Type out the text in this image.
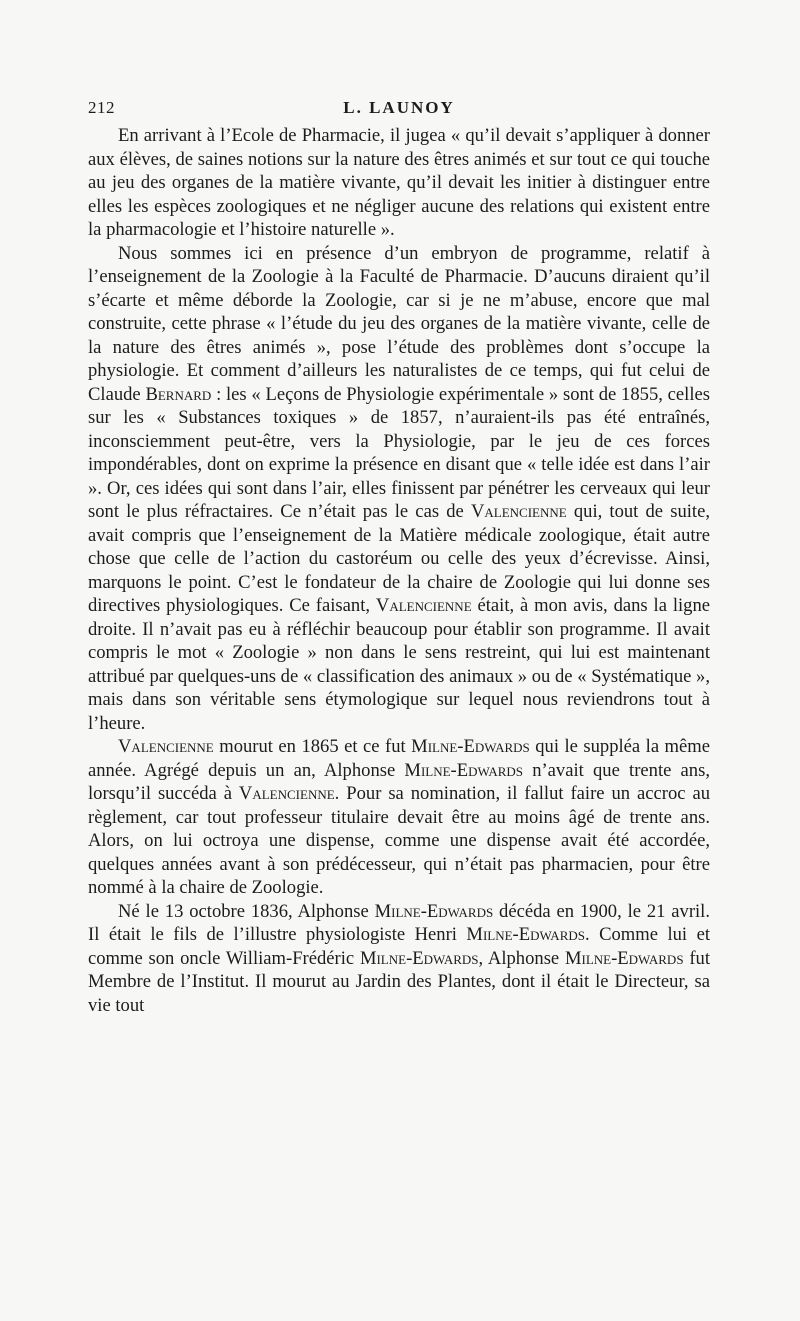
212	L. LAUNOY

En arrivant à l’Ecole de Pharmacie, il jugea « qu’il devait s’appliquer à donner aux élèves, de saines notions sur la nature des êtres animés et sur tout ce qui touche au jeu des organes de la matière vivante, qu’il devait les initier à distinguer entre elles les espèces zoologiques et ne négliger aucune des relations qui existent entre la pharmacologie et l’histoire naturelle ».

Nous sommes ici en présence d’un embryon de programme, relatif à l’enseignement de la Zoologie à la Faculté de Pharmacie. D’aucuns diraient qu’il s’écarte et même déborde la Zoologie, car si je ne m’abuse, encore que mal construite, cette phrase « l’étude du jeu des organes de la matière vivante, celle de la nature des êtres animés », pose l’étude des problèmes dont s’occupe la physiologie. Et comment d’ailleurs les naturalistes de ce temps, qui fut celui de Claude Bernard : les « Leçons de Physiologie expérimentale » sont de 1855, celles sur les « Substances toxiques » de 1857, n’auraient-ils pas été entraînés, inconsciemment peut-être, vers la Physiologie, par le jeu de ces forces impondérables, dont on exprime la présence en disant que « telle idée est dans l’air ». Or, ces idées qui sont dans l’air, elles finissent par pénétrer les cerveaux qui leur sont le plus réfractaires. Ce n’était pas le cas de Valencienne qui, tout de suite, avait compris que l’enseignement de la Matière médicale zoologique, était autre chose que celle de l’action du castoréum ou celle des yeux d’écrevisse. Ainsi, marquons le point. C’est le fondateur de la chaire de Zoologie qui lui donne ses directives physiologiques. Ce faisant, Valencienne était, à mon avis, dans la ligne droite. Il n’avait pas eu à réfléchir beaucoup pour établir son programme. Il avait compris le mot « Zoologie » non dans le sens restreint, qui lui est maintenant attribué par quelques-uns de « classification des animaux » ou de « Systématique », mais dans son véritable sens étymologique sur lequel nous reviendrons tout à l’heure.

Valencienne mourut en 1865 et ce fut Milne-Edwards qui le suppléa la même année. Agrégé depuis un an, Alphonse Milne-Edwards n’avait que trente ans, lorsqu’il succéda à Valencienne. Pour sa nomination, il fallut faire un accroc au règlement, car tout professeur titulaire devait être au moins âgé de trente ans. Alors, on lui octroya une dispense, comme une dispense avait été accordée, quelques années avant à son prédécesseur, qui n’était pas pharmacien, pour être nommé à la chaire de Zoologie.

Né le 13 octobre 1836, Alphonse Milne-Edwards décéda en 1900, le 21 avril. Il était le fils de l’illustre physiologiste Henri Milne-Edwards. Comme lui et comme son oncle William-Frédéric Milne-Edwards, Alphonse Milne-Edwards fut Membre de l’Institut. Il mourut au Jardin des Plantes, dont il était le Directeur, sa vie tout
